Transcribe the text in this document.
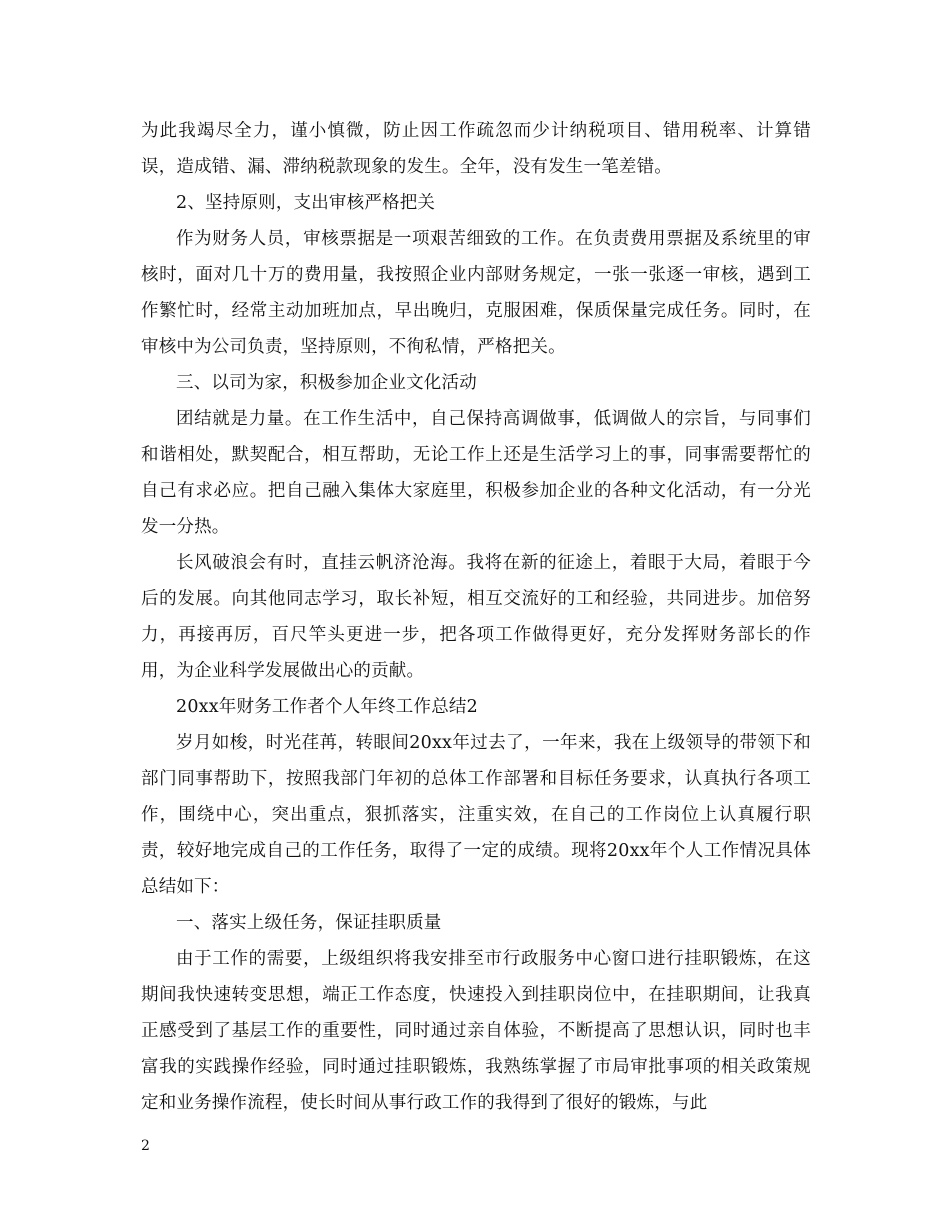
为此我竭尽全力，谨小慎微，防止因工作疏忽而少计纳税项目、错用税率、计算错误，造成错、漏、滞纳税款现象的发生。全年，没有发生一笔差错。

2、坚持原则，支出审核严格把关

作为财务人员，审核票据是一项艰苦细致的工作。在负责费用票据及系统里的审核时，面对几十万的费用量，我按照企业内部财务规定，一张一张逐一审核，遇到工作繁忙时，经常主动加班加点，早出晚归，克服困难，保质保量完成任务。同时，在审核中为公司负责，坚持原则，不徇私情，严格把关。

三、以司为家，积极参加企业文化活动

团结就是力量。在工作生活中，自己保持高调做事，低调做人的宗旨，与同事们和谐相处，默契配合，相互帮助，无论工作上还是生活学习上的事，同事需要帮忙的自己有求必应。把自己融入集体大家庭里，积极参加企业的各种文化活动，有一分光发一分热。

长风破浪会有时，直挂云帆济沧海。我将在新的征途上，着眼于大局，着眼于今后的发展。向其他同志学习，取长补短，相互交流好的工和经验，共同进步。加倍努力，再接再厉，百尺竿头更进一步，把各项工作做得更好，充分发挥财务部长的作用，为企业科学发展做出心的贡献。

20xx年财务工作者个人年终工作总结2

岁月如梭，时光荏苒，转眼间20xx年过去了，一年来，我在上级领导的带领下和部门同事帮助下，按照我部门年初的总体工作部署和目标任务要求，认真执行各项工作，围绕中心，突出重点，狠抓落实，注重实效，在自己的工作岗位上认真履行职责，较好地完成自己的工作任务，取得了一定的成绩。现将20xx年个人工作情况具体总结如下：

一、落实上级任务，保证挂职质量

由于工作的需要，上级组织将我安排至市行政服务中心窗口进行挂职锻炼，在这期间我快速转变思想，端正工作态度，快速投入到挂职岗位中，在挂职期间，让我真正感受到了基层工作的重要性，同时通过亲自体验，不断提高了思想认识，同时也丰富我的实践操作经验，同时通过挂职锻炼，我熟练掌握了市局审批事项的相关政策规定和业务操作流程，使长时间从事行政工作的我得到了很好的锻炼，与此

2
